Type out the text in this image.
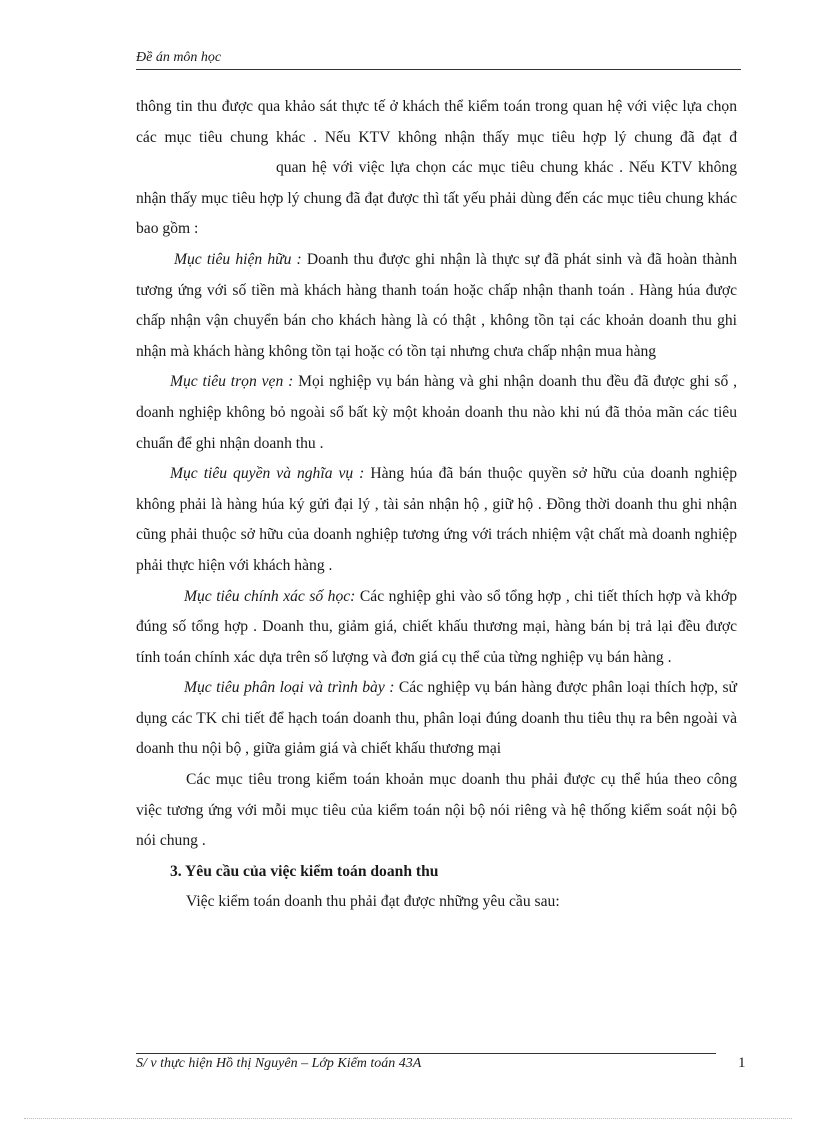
Đề án môn học

thông tin thu được qua khảo sát thực tế ở khách thể kiểm toán trong quan hệ với việc lựa chọn các mục tiêu chung khác . Nếu KTV không nhận thấy mục tiêu hợp lý chung đã đạt đquan hệ với việc lựa chọn các mục tiêu chung khác . Nếu KTV không nhận thấy mục tiêu hợp lý chung đã đạt được thì tất yếu phải dùng đến các mục tiêu chung khác bao gồm :

Mục tiêu hiện hữu : Doanh thu được ghi nhận là thực sự đã phát sinh và đã hoàn thành tương ứng với số tiền mà khách hàng thanh toán hoặc chấp nhận thanh toán . Hàng húa được chấp nhận vận chuyển bán cho khách hàng là có thật , không tồn tại các khoản doanh thu ghi nhận mà khách hàng không tồn tại hoặc có tồn tại nhưng chưa chấp nhận mua hàng

Mục tiêu trọn vẹn : Mọi nghiệp vụ bán hàng và ghi nhận doanh thu đều đã được ghi sổ , doanh nghiệp không bỏ ngoài sổ bất kỳ một khoản doanh thu nào khi nú đã thỏa mãn các tiêu chuẩn để ghi nhận doanh thu .

Mục tiêu quyền và nghĩa vụ : Hàng húa đã bán thuộc quyền sở hữu của doanh nghiệp không phải là hàng húa ký gửi đại lý , tài sản nhận hộ , giữ hộ . Đồng thời doanh thu ghi nhận cũng phải thuộc sở hữu của doanh nghiệp tương ứng với trách nhiệm vật chất mà doanh nghiệp phải thực hiện với khách hàng .

Mục tiêu chính xác số học: Các nghiệp ghi vào sổ tổng hợp , chi tiết thích hợp và khớp đúng số tổng hợp . Doanh thu, giảm giá, chiết khấu thương mại, hàng bán bị trả lại đều được tính toán chính xác dựa trên số lượng và đơn giá cụ thể của từng nghiệp vụ bán hàng .

Mục tiêu phân loại và trình bày : Các nghiệp vụ bán hàng được phân loại thích hợp, sử dụng các TK chi tiết để hạch toán doanh thu, phân loại đúng doanh thu tiêu thụ ra bên ngoài và doanh thu nội bộ , giữa giảm giá và chiết khấu thương mại

Các mục tiêu trong kiểm toán khoản mục doanh thu phải được cụ thể húa theo công việc tương ứng với mỗi mục tiêu của kiểm toán nội bộ nói riêng và hệ thống kiểm soát nội bộ nói chung .

3. Yêu cầu của việc kiểm toán doanh thu

Việc kiểm toán doanh thu phải đạt được những yêu cầu sau:

S/ v thực hiện Hồ thị Nguyên – Lớp Kiểm toán 43A	1
